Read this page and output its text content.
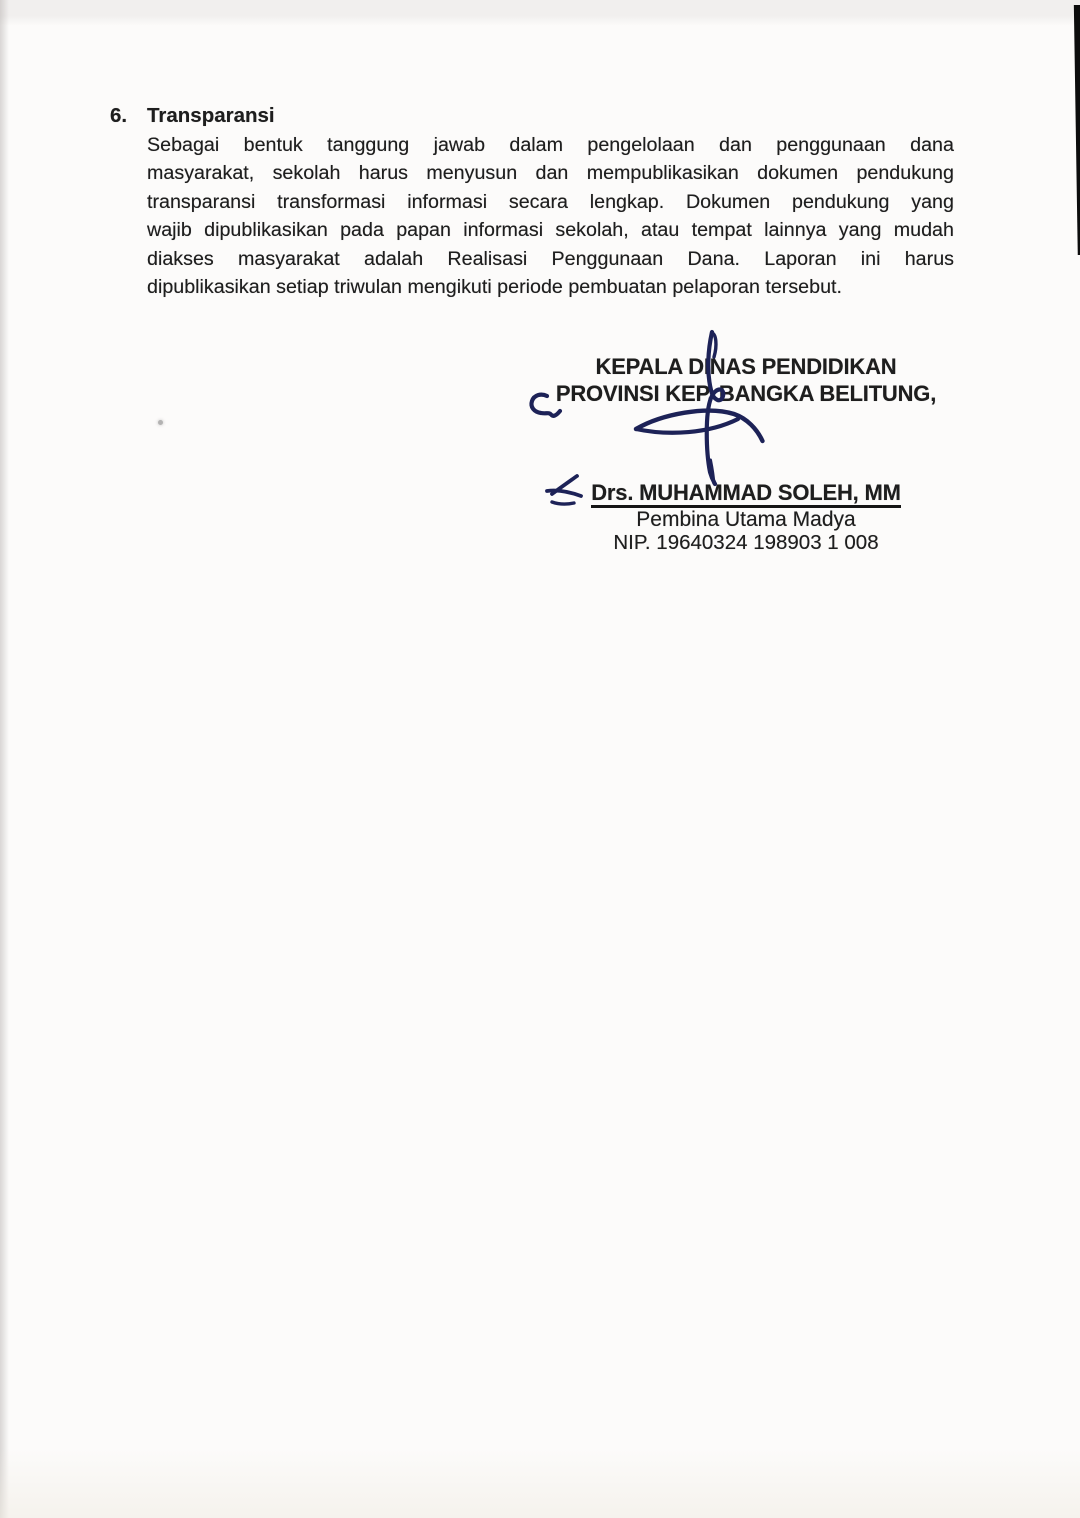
6. Transparansi
Sebagai bentuk tanggung jawab dalam pengelolaan dan penggunaan dana
masyarakat, sekolah harus menyusun dan mempublikasikan dokumen pendukung
transparansi transformasi informasi secara lengkap. Dokumen pendukung yang
wajib dipublikasikan pada papan informasi sekolah, atau tempat lainnya yang mudah
diakses masyarakat adalah Realisasi Penggunaan Dana. Laporan ini harus
dipublikasikan setiap triwulan mengikuti periode pembuatan pelaporan tersebut.
KEPALA DINAS PENDIDIKAN
PROVINSI KEP. BANGKA BELITUNG,
Drs. MUHAMMAD SOLEH, MM
Pembina Utama Madya
NIP. 19640324 198903 1 008
